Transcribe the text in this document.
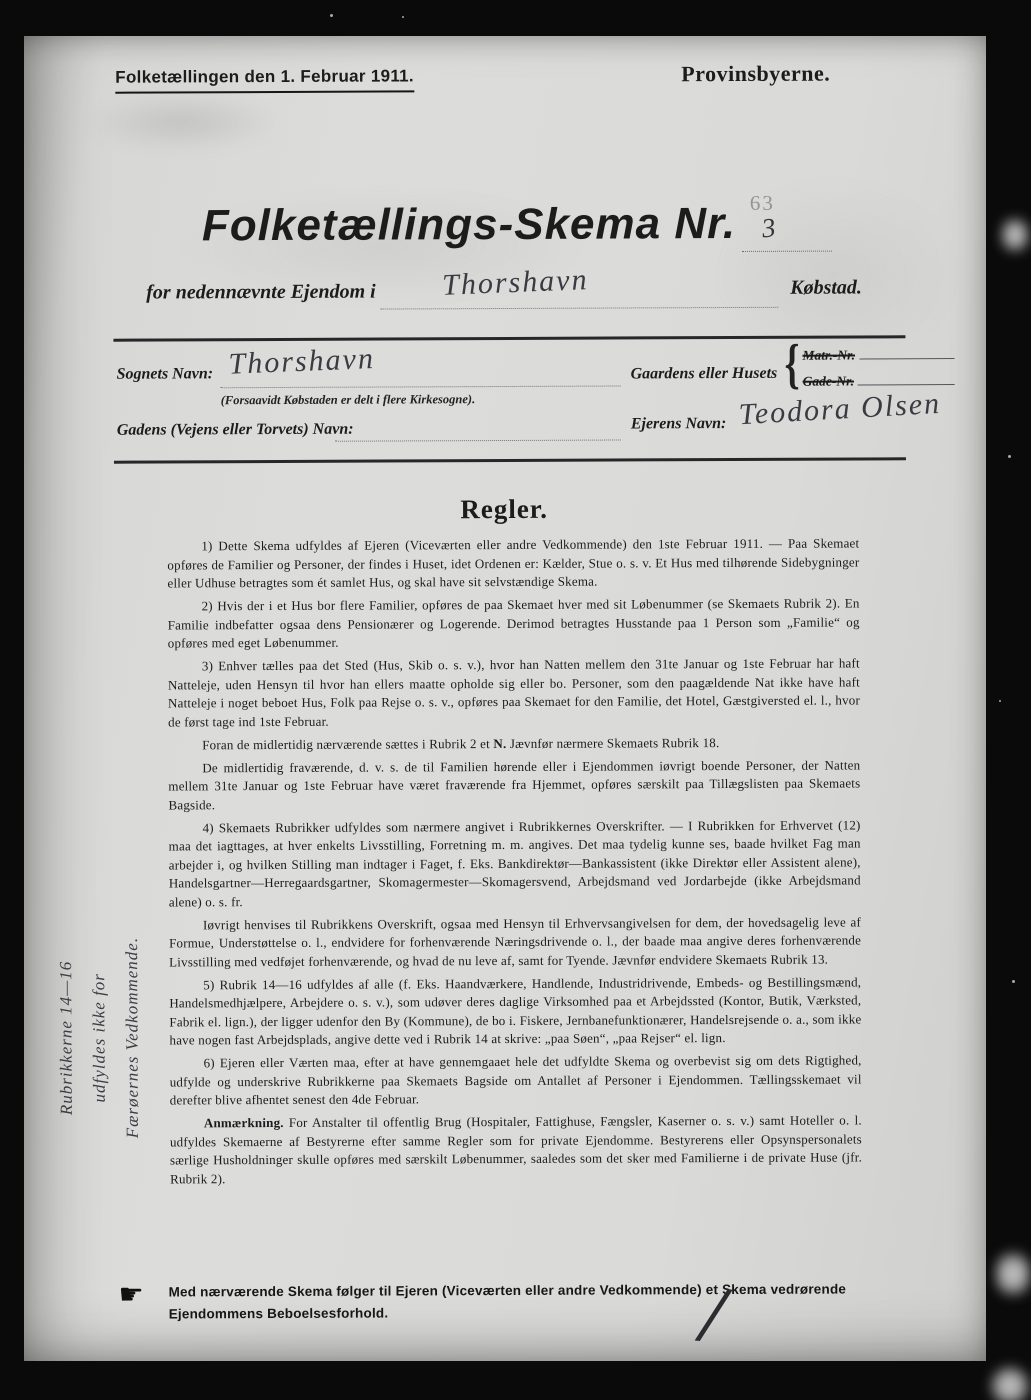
Folketællingen den 1. Februar 1911.	Provinsbyerne.
Folketællings-Skema Nr. 63
3
for nedennævnte Ejendom i Thorshavn	Købstad.
Sognets Navn: Thorshavn
(Forsaavidt Købstaden er delt i flere Kirkesogne).
Gadens (Vejens eller Torvets) Navn:
Gaardens eller Husets { Matr.-Nr.
Gade-Nr.
Ejerens Navn: Teodora Olsen
Regler.

1) Dette Skema udfyldes af Ejeren (Viceværten eller andre Vedkommende) den 1ste Februar 1911. — Paa Skemaet opføres de Familier og Personer, der findes i Huset, idet Ordenen er: Kælder, Stue o. s. v. Et Hus med tilhørende Sidebygninger eller Udhuse betragtes som ét samlet Hus, og skal have sit selvstændige Skema.

2) Hvis der i et Hus bor flere Familier, opføres de paa Skemaet hver med sit Løbenummer (se Skemaets Rubrik 2). En Familie indbefatter ogsaa dens Pensionærer og Logerende. Derimod betragtes Husstande paa 1 Person som „Familie“ og opføres med eget Løbenummer.

3) Enhver tælles paa det Sted (Hus, Skib o. s. v.), hvor han Natten mellem den 31te Januar og 1ste Februar har haft Natteleje, uden Hensyn til hvor han ellers maatte opholde sig eller bo. Personer, som den paagældende Nat ikke have haft Natteleje i noget beboet Hus, Folk paa Rejse o. s. v., opføres paa Skemaet for den Familie, det Hotel, Gæstgiversted el. l., hvor de først tage ind 1ste Februar.

Foran de midlertidig nærværende sættes i Rubrik 2 et N. Jævnfør nærmere Skemaets Rubrik 18.

De midlertidig fraværende, d. v. s. de til Familien hørende eller i Ejendommen iøvrigt boende Personer, der Natten mellem 31te Januar og 1ste Februar have været fraværende fra Hjemmet, opføres særskilt paa Tillægslisten paa Skemaets Bagside.

4) Skemaets Rubrikker udfyldes som nærmere angivet i Rubrikkernes Overskrifter. — I Rubrikken for Erhvervet (12) maa det iagttages, at hver enkelts Livsstilling, Forretning m. m. angives. Det maa tydelig kunne ses, baade hvilket Fag man arbejder i, og hvilken Stilling man indtager i Faget, f. Eks. Bankdirektør—Bankassistent (ikke Direktør eller Assistent alene), Handelsgartner—Herregaardsgartner, Skomagermester—Skomagersvend, Arbejdsmand ved Jordarbejde (ikke Arbejdsmand alene) o. s. fr.

Iøvrigt henvises til Rubrikkens Overskrift, ogsaa med Hensyn til Erhvervsangivelsen for dem, der hovedsagelig leve af Formue, Understøttelse o. l., endvidere for forhenværende Næringsdrivende o. l., der baade maa angive deres forhenværende Livsstilling med vedføjet forhenværende, og hvad de nu leve af, samt for Tyende. Jævnfør endvidere Skemaets Rubrik 13.

5) Rubrik 14—16 udfyldes af alle (f. Eks. Haandværkere, Handlende, Industridrivende, Embeds- og Bestillingsmænd, Handelsmedhjælpere, Arbejdere o. s. v.), som udøver deres daglige Virksomhed paa et Arbejdssted (Kontor, Butik, Værksted, Fabrik el. lign.), der ligger udenfor den By (Kommune), de bo i. Fiskere, Jernbanefunktionærer, Handelsrejsende o. a., som ikke have nogen fast Arbejdsplads, angive dette ved i Rubrik 14 at skrive: „paa Søen“, „paa Rejser“ el. lign.

6) Ejeren eller Værten maa, efter at have gennemgaaet hele det udfyldte Skema og overbevist sig om dets Rigtighed, udfylde og underskrive Rubrikkerne paa Skemaets Bagside om Antallet af Personer i Ejendommen. Tællingsskemaet vil derefter blive afhentet senest den 4de Februar.

Anmærkning. For Anstalter til offentlig Brug (Hospitaler, Fattighuse, Fængsler, Kaserner o. s. v.) samt Hoteller o. l. udfyldes Skemaerne af Bestyrerne efter samme Regler som for private Ejendomme. Bestyrerens eller Opsynspersonalets særlige Husholdninger skulle opføres med særskilt Løbenummer, saaledes som det sker med Familierne i de private Huse (jfr. Rubrik 2).

Rubrikkerne 14—16 udfyldes ikke for Færøernes Vedkommende.
☛ Med nærværende Skema følger til Ejeren (Viceværten eller andre Vedkommende) et Skema vedrørende Ejendommens Beboelsesforhold.	/
